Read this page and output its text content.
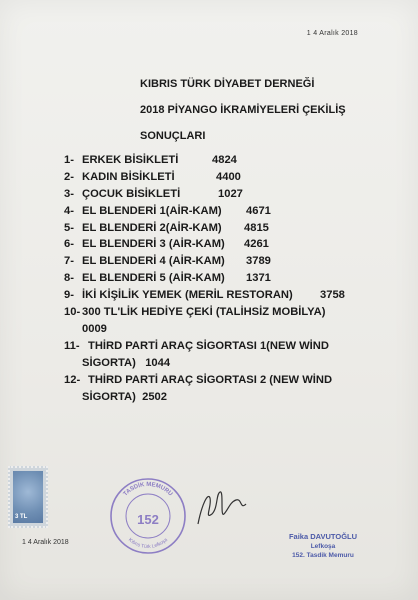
1 4 Aralık 2018
KIBRIS TÜRK DİYABET DERNEĞİ
2018 PİYANGO İKRAMİYELERİ ÇEKİLİŞ
SONUÇLARI
1- ERKEK BİSİKLETİ	4824
2- KADIN BİSİKLETİ	4400
3- ÇOCUK BİSİKLETİ	1027
4- EL BLENDERİ 1(AİR-KAM) 4671
5- EL BLENDERİ 2(AİR-KAM) 4815
6- EL BLENDERİ 3 (AİR-KAM) 4261
7- EL BLENDERİ 4 (AİR-KAM) 3789
8- EL BLENDERİ 5 (AİR-KAM) 1371
9- İKİ KİŞİLİK YEMEK (MERİL RESTORAN) 3758
10- 300 TL'LİK HEDİYE ÇEKİ (TALİHSİZ MOBİLYA)
0009
11- THİRD PARTİ ARAÇ SİGORTASI 1(NEW WİND
SİGORTA) 1044
12- THİRD PARTİ ARAÇ SİGORTASI 2 (NEW WİND
SİGORTA) 2502
3 TL
TASDİK MEMURU
Kıbrıs Türk Lefkoşa
152
1 4 Aralık 2018
Faika DAVUTOĞLU
Lefkoşa
152. Tasdik Memuru
